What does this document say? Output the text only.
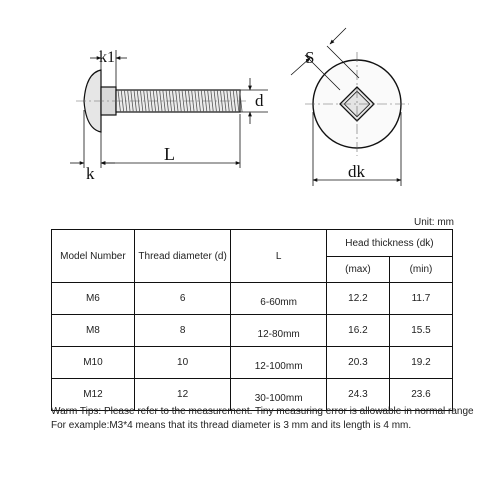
k1
d
L
k
S
dk
Unit: mm
Model Number	Thread diameter (d)	L	Head thickness (dk)	
			(max)	(min)
M6	6	6-60mm	12.2	11.7
M8	8	12-80mm	16.2	15.5
M10	10	12-100mm	20.3	19.2
M12	12	30-100mm	24.3	23.6
Warm Tips: Please refer to the measurement. Tiny measuring error is allowable in normal range
For example:M3*4 means that its thread diameter is 3 mm and its length is 4 mm.
